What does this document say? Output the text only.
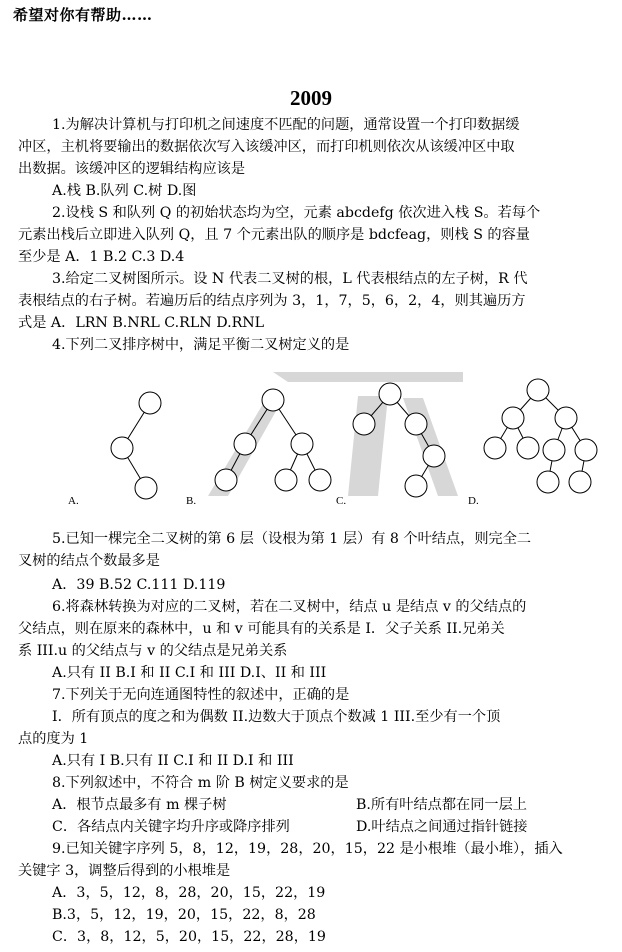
希望对你有帮助……
2009
1.为解决计算机与打印机之间速度不匹配的问题，通常设置一个打印数据缓
冲区，主机将要输出的数据依次写入该缓冲区，而打印机则依次从该缓冲区中取
出数据。该缓冲区的逻辑结构应该是
A.栈 B.队列 C.树 D.图
2.设栈 S 和队列 Q 的初始状态均为空，元素 abcdefg 依次进入栈 S。若每个
元素出栈后立即进入队列 Q，且 7 个元素出队的顺序是 bdcfeag，则栈 S 的容量
至少是 A．1 B.2 C.3 D.4
3.给定二叉树图所示。设 N 代表二叉树的根，L 代表根结点的左子树，R 代
表根结点的右子树。若遍历后的结点序列为 3，1，7，5，6，2，4，则其遍历方
式是 A．LRN B.NRL C.RLN D.RNL
4.下列二叉排序树中，满足平衡二叉树定义的是
A.	B.	C.	D.
5.已知一棵完全二叉树的第 6 层（设根为第 1 层）有 8 个叶结点，则完全二
叉树的结点个数最多是
A．39 B.52 C.111 D.119
6.将森林转换为对应的二叉树，若在二叉树中，结点 u 是结点 v 的父结点的
父结点，则在原来的森林中，u 和 v 可能具有的关系是 I．父子关系 II.兄弟关
系 III.u 的父结点与 v 的父结点是兄弟关系
A.只有 II B.I 和 II C.I 和 III D.I、II 和 III
7.下列关于无向连通图特性的叙述中，正确的是
I．所有顶点的度之和为偶数 II.边数大于顶点个数减 1 III.至少有一个顶
点的度为 1
A.只有 I B.只有 II C.I 和 II D.I 和 III
8.下列叙述中，不符合 m 阶 B 树定义要求的是
A．根节点最多有 m 棵子树	B.所有叶结点都在同一层上
C．各结点内关键字均升序或降序排列	D.叶结点之间通过指针链接
9.已知关键字序列 5，8，12，19，28，20，15，22 是小根堆（最小堆），插入
关键字 3，调整后得到的小根堆是
A．3，5，12，8，28，20，15，22，19
B.3，5，12，19，20，15，22，8，28
C．3，8，12，5，20，15，22，28，19
